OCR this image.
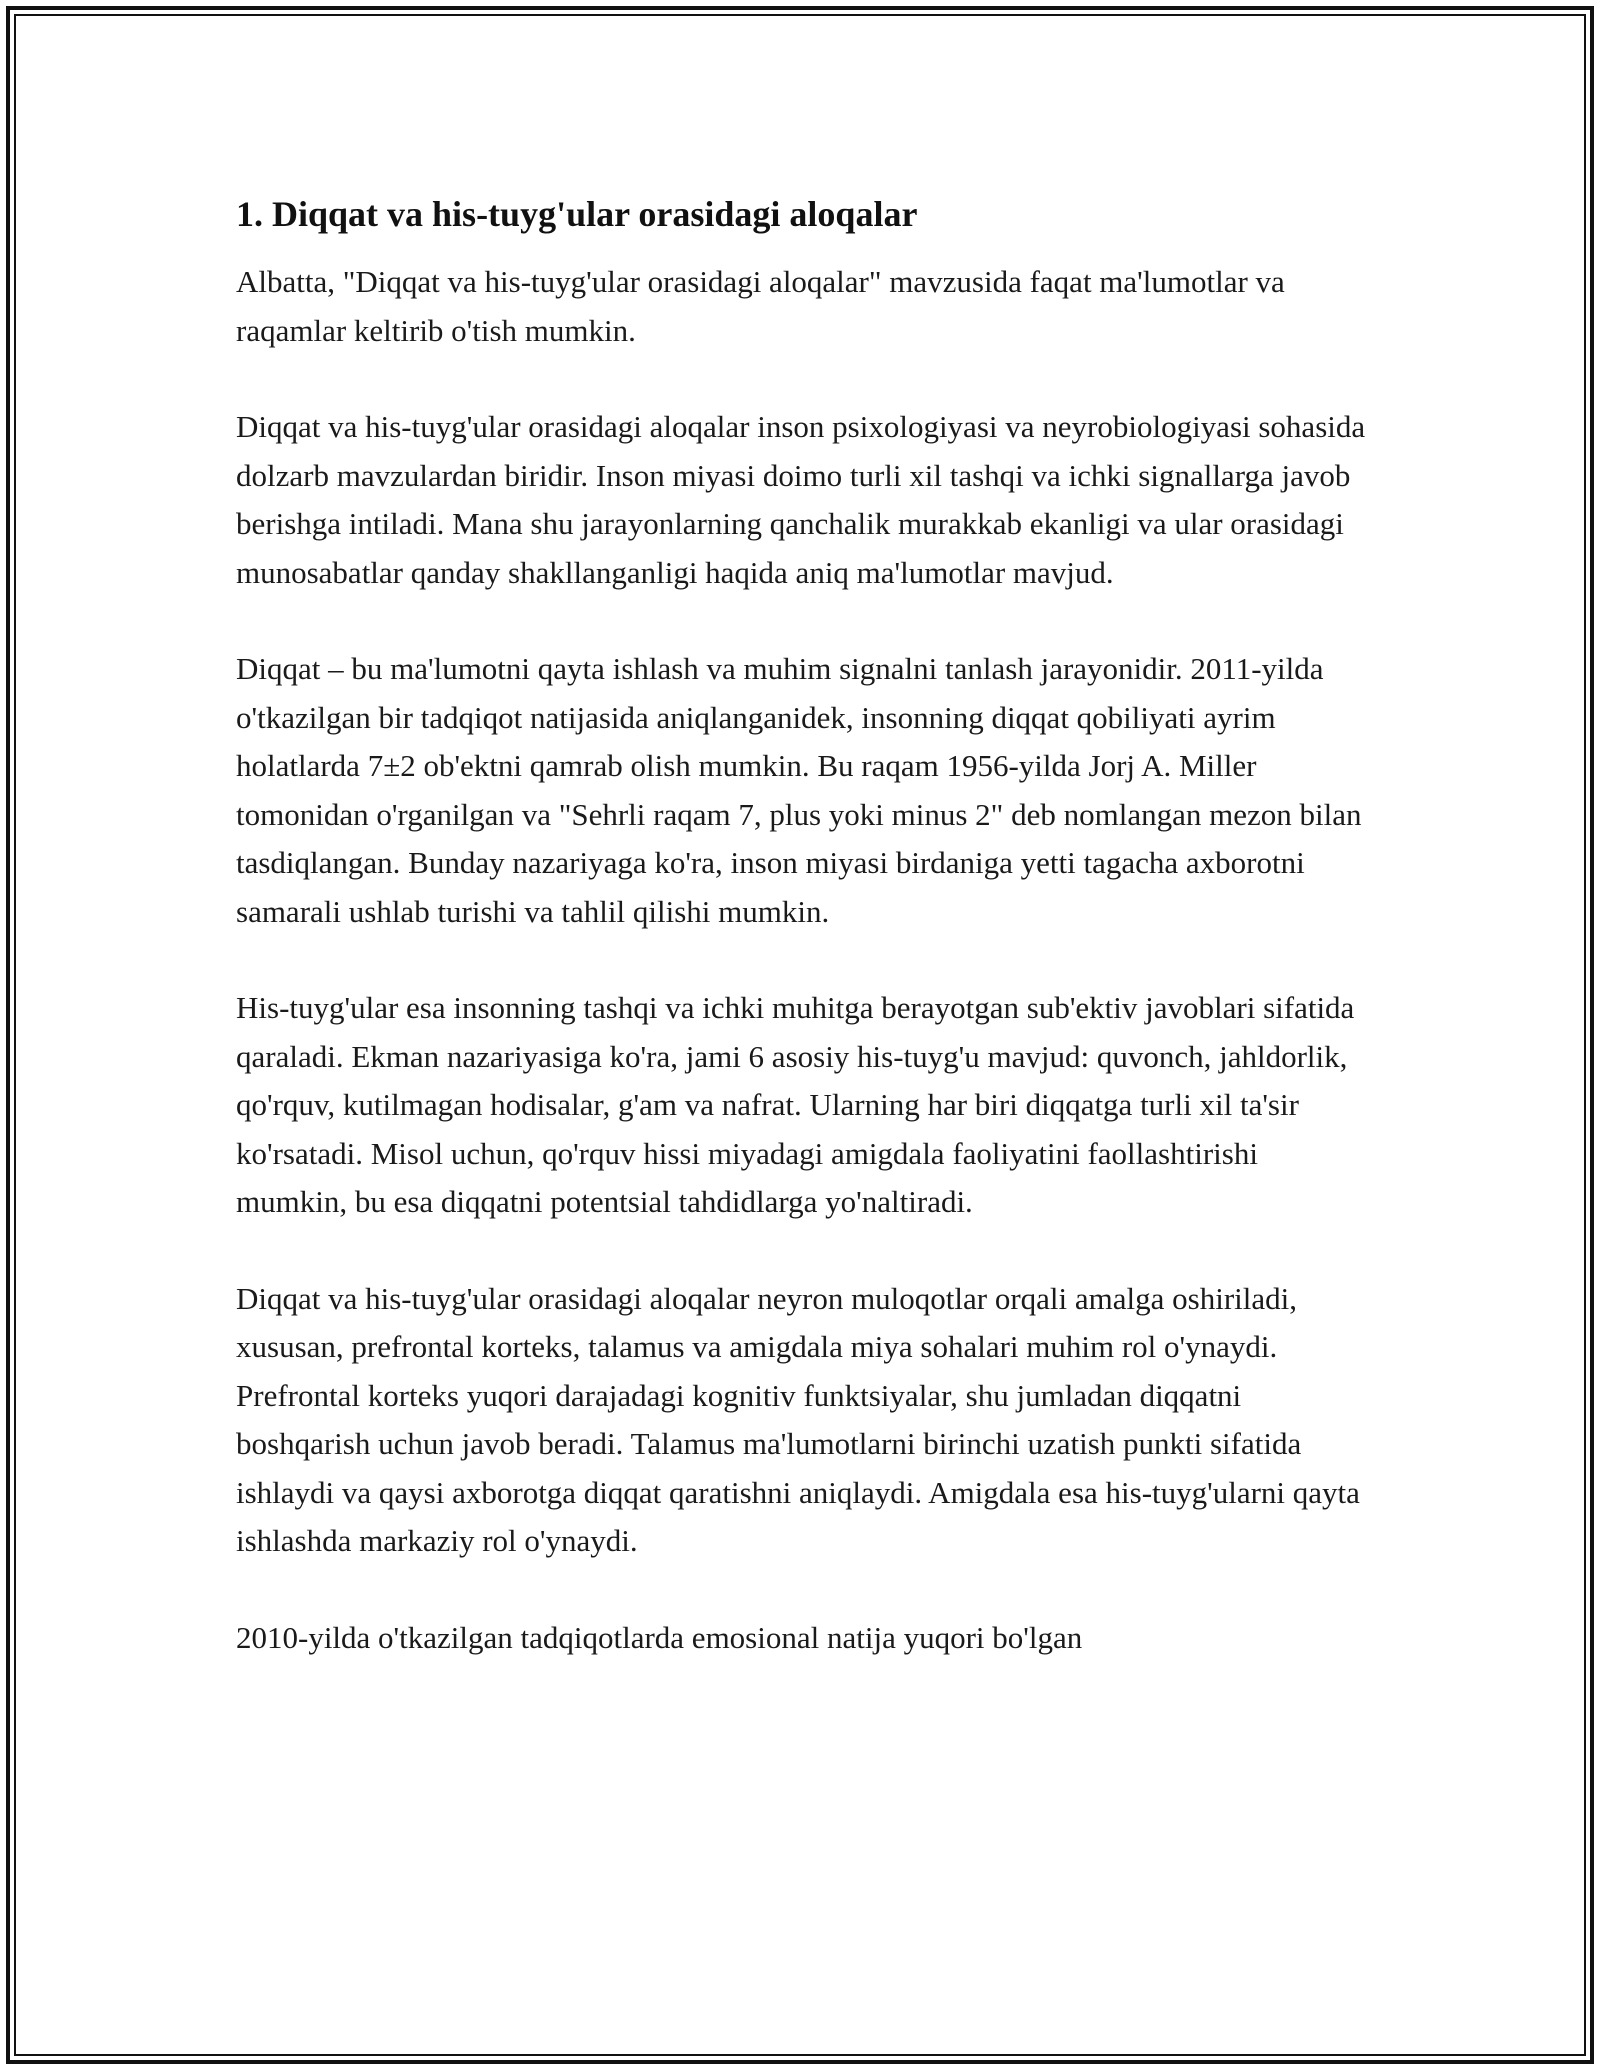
1. Diqqat va his-tuyg'ular orasidagi aloqalar

Albatta, "Diqqat va his-tuyg'ular orasidagi aloqalar" mavzusida faqat ma'lumotlar va raqamlar keltirib o'tish mumkin.

Diqqat va his-tuyg'ular orasidagi aloqalar inson psixologiyasi va neyrobiologiyasi sohasida dolzarb mavzulardan biridir. Inson miyasi doimo turli xil tashqi va ichki signallarga javob berishga intiladi. Mana shu jarayonlarning qanchalik murakkab ekanligi va ular orasidagi munosabatlar qanday shakllanganligi haqida aniq ma'lumotlar mavjud.

Diqqat – bu ma'lumotni qayta ishlash va muhim signalni tanlash jarayonidir. 2011-yilda o'tkazilgan bir tadqiqot natijasida aniqlanganidek, insonning diqqat qobiliyati ayrim holatlarda 7±2 ob'ektni qamrab olish mumkin. Bu raqam 1956-yilda Jorj A. Miller tomonidan o'rganilgan va "Sehrli raqam 7, plus yoki minus 2" deb nomlangan mezon bilan tasdiqlangan. Bunday nazariyaga ko'ra, inson miyasi birdaniga yetti tagacha axborotni samarali ushlab turishi va tahlil qilishi mumkin.

His-tuyg'ular esa insonning tashqi va ichki muhitga berayotgan sub'ektiv javoblari sifatida qaraladi. Ekman nazariyasiga ko'ra, jami 6 asosiy his-tuyg'u mavjud: quvonch, jahldorlik, qo'rquv, kutilmagan hodisalar, g'am va nafrat. Ularning har biri diqqatga turli xil ta'sir ko'rsatadi. Misol uchun, qo'rquv hissi miyadagi amigdala faoliyatini faollashtirishi mumkin, bu esa diqqatni potentsial tahdidlarga yo'naltiradi.

Diqqat va his-tuyg'ular orasidagi aloqalar neyron muloqotlar orqali amalga oshiriladi, xususan, prefrontal korteks, talamus va amigdala miya sohalari muhim rol o'ynaydi. Prefrontal korteks yuqori darajadagi kognitiv funktsiyalar, shu jumladan diqqatni boshqarish uchun javob beradi. Talamus ma'lumotlarni birinchi uzatish punkti sifatida ishlaydi va qaysi axborotga diqqat qaratishni aniqlaydi. Amigdala esa his-tuyg'ularni qayta ishlashda markaziy rol o'ynaydi.

2010-yilda o'tkazilgan tadqiqotlarda emosional natija yuqori bo'lgan
